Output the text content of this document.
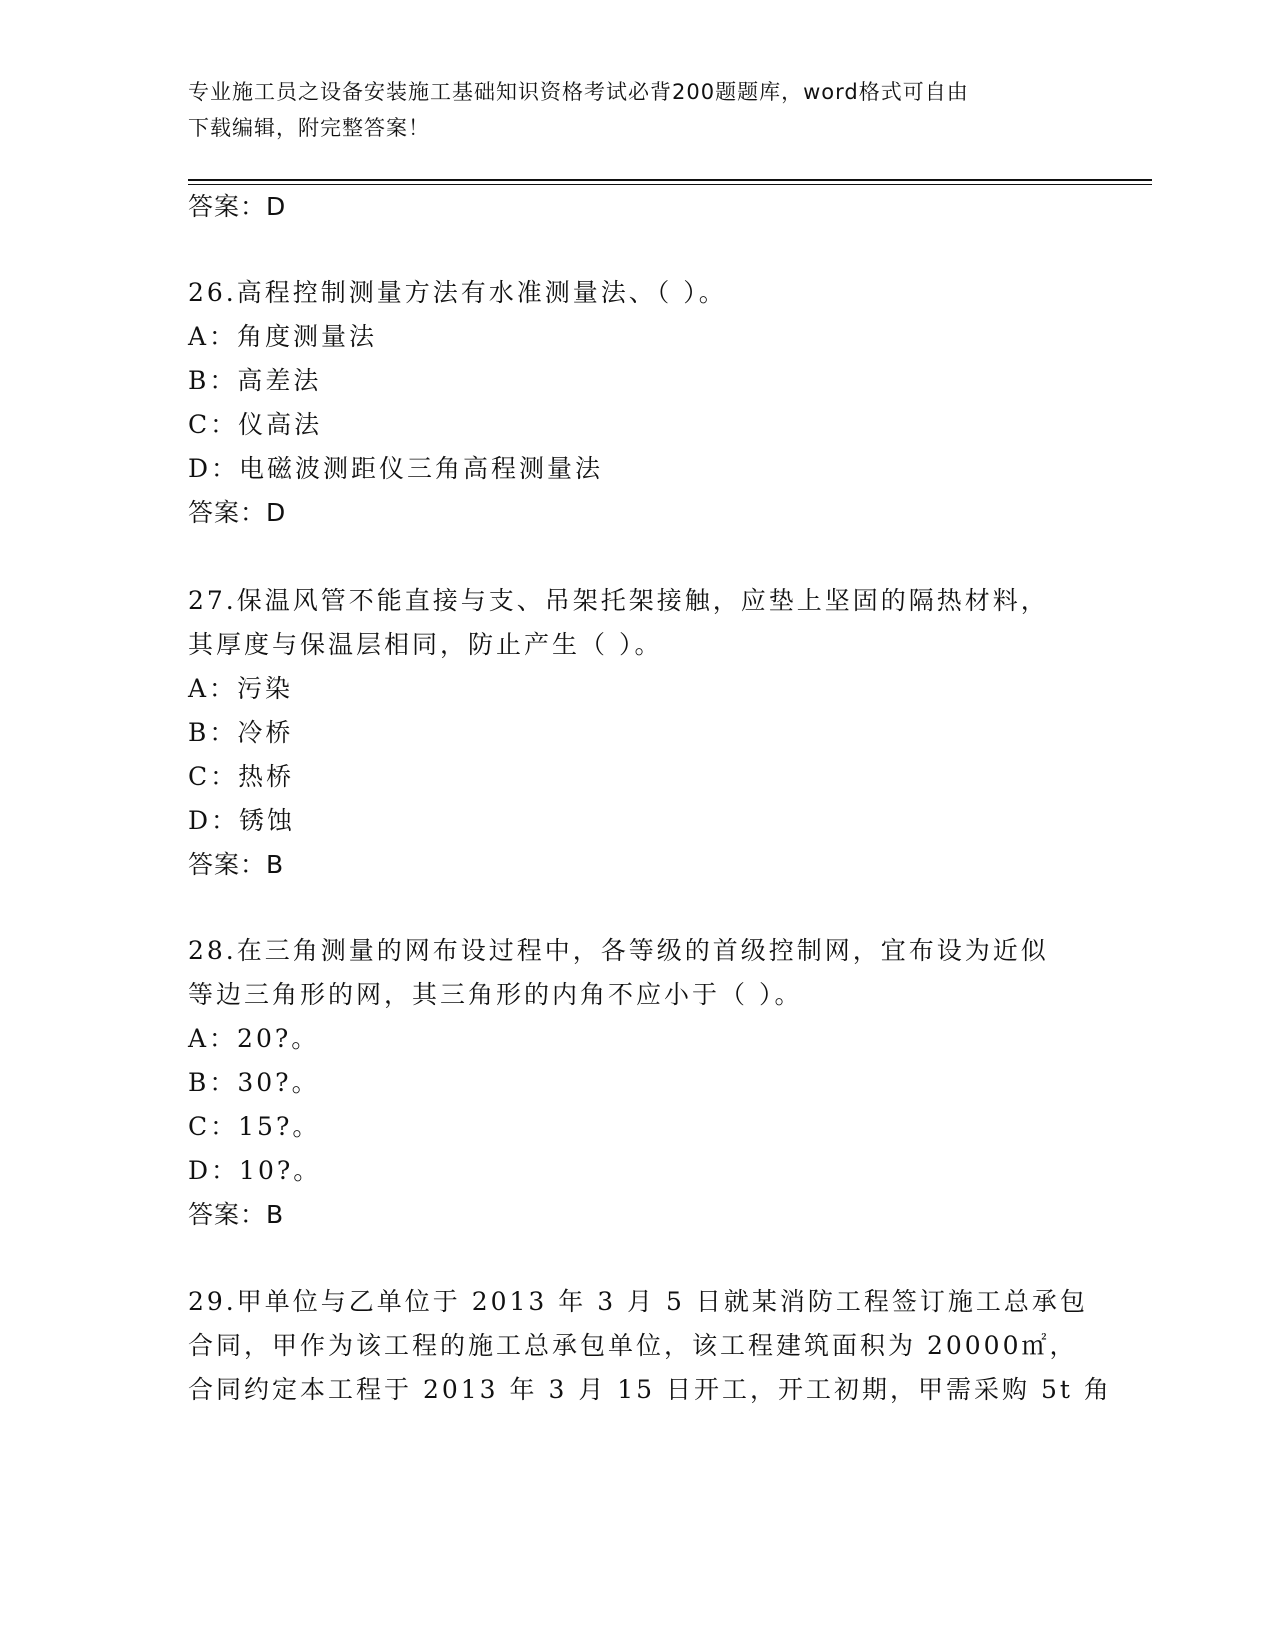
专业施工员之设备安装施工基础知识资格考试必背200题题库，word格式可自由
下载编辑，附完整答案！
答案：D
26.高程控制测量方法有水准测量法、（ ）。
A：角度测量法
B：高差法
C：仪高法
D：电磁波测距仪三角高程测量法
答案：D
27.保温风管不能直接与支、吊架托架接触，应垫上坚固的隔热材料，
其厚度与保温层相同，防止产生（ ）。
A：污染
B：冷桥
C：热桥
D：锈蚀
答案：B
28.在三角测量的网布设过程中，各等级的首级控制网，宜布设为近似
等边三角形的网，其三角形的内角不应小于（ ）。
A：20?。
B：30?。
C：15?。
D：10?。
答案：B
29.甲单位与乙单位于 2013 年 3 月 5 日就某消防工程签订施工总承包
合同，甲作为该工程的施工总承包单位，该工程建筑面积为 20000㎡，
合同约定本工程于 2013 年 3 月 15 日开工，开工初期，甲需采购 5t 角
